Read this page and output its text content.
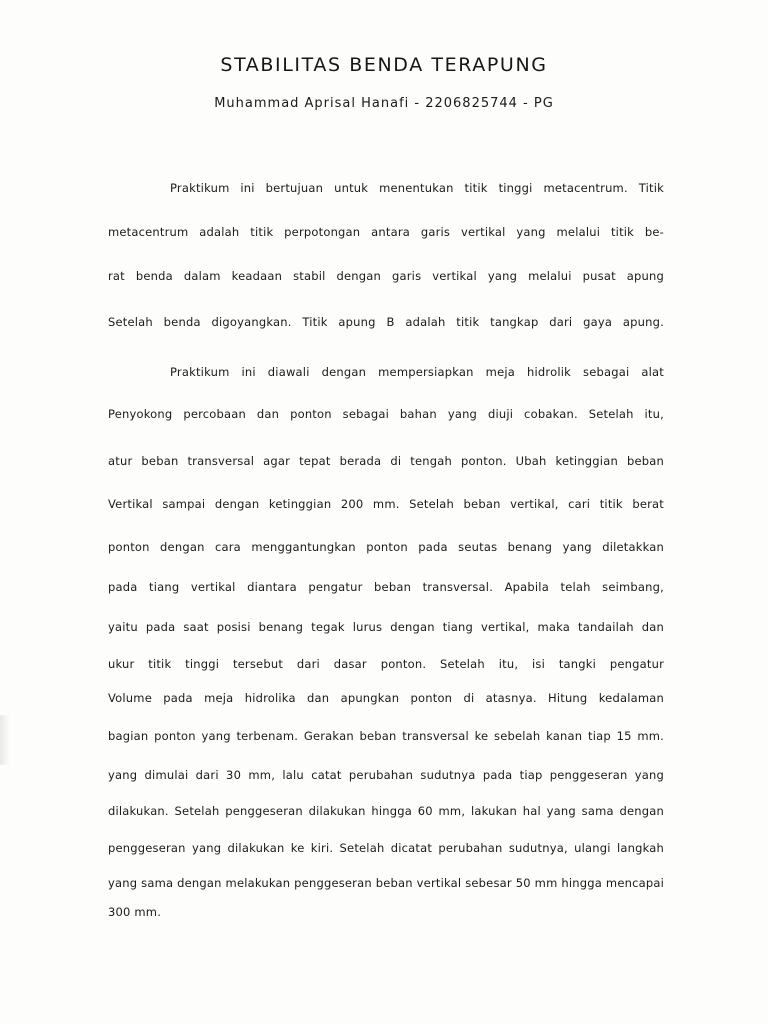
STABILITAS BENDA TERAPUNG

Muhammad Aprisal Hanafi - 2206825744 - PG

Praktikum ini bertujuan untuk menentukan titik tinggi metacentrum. Titik

metacentrum adalah titik perpotongan antara garis vertikal yang melalui titik be-

rat benda dalam keadaan stabil dengan garis vertikal yang melalui pusat apung

Setelah benda digoyangkan. Titik apung B adalah titik tangkap dari gaya apung.

Praktikum ini diawali dengan mempersiapkan meja hidrolik sebagai alat

Penyokong percobaan dan ponton sebagai bahan yang diuji cobakan. Setelah itu,

atur beban transversal agar tepat berada di tengah ponton. Ubah ketinggian beban

Vertikal sampai dengan ketinggian 200 mm. Setelah beban vertikal, cari titik berat

ponton dengan cara menggantungkan ponton pada seutas benang yang diletakkan

pada tiang vertikal diantara pengatur beban transversal. Apabila telah seimbang,

yaitu pada saat posisi benang tegak lurus dengan tiang vertikal, maka tandailah dan

ukur titik tinggi tersebut dari dasar ponton. Setelah itu, isi tangki pengatur

Volume pada meja hidrolika dan apungkan ponton di atasnya. Hitung kedalaman

bagian ponton yang terbenam. Gerakan beban transversal ke sebelah kanan tiap 15 mm.

yang dimulai dari 30 mm, lalu catat perubahan sudutnya pada tiap penggeseran yang

dilakukan. Setelah penggeseran dilakukan hingga 60 mm, lakukan hal yang sama dengan

penggeseran yang dilakukan ke kiri. Setelah dicatat perubahan sudutnya, ulangi langkah

yang sama dengan melakukan penggeseran beban vertikal sebesar 50 mm hingga mencapai

300 mm.
